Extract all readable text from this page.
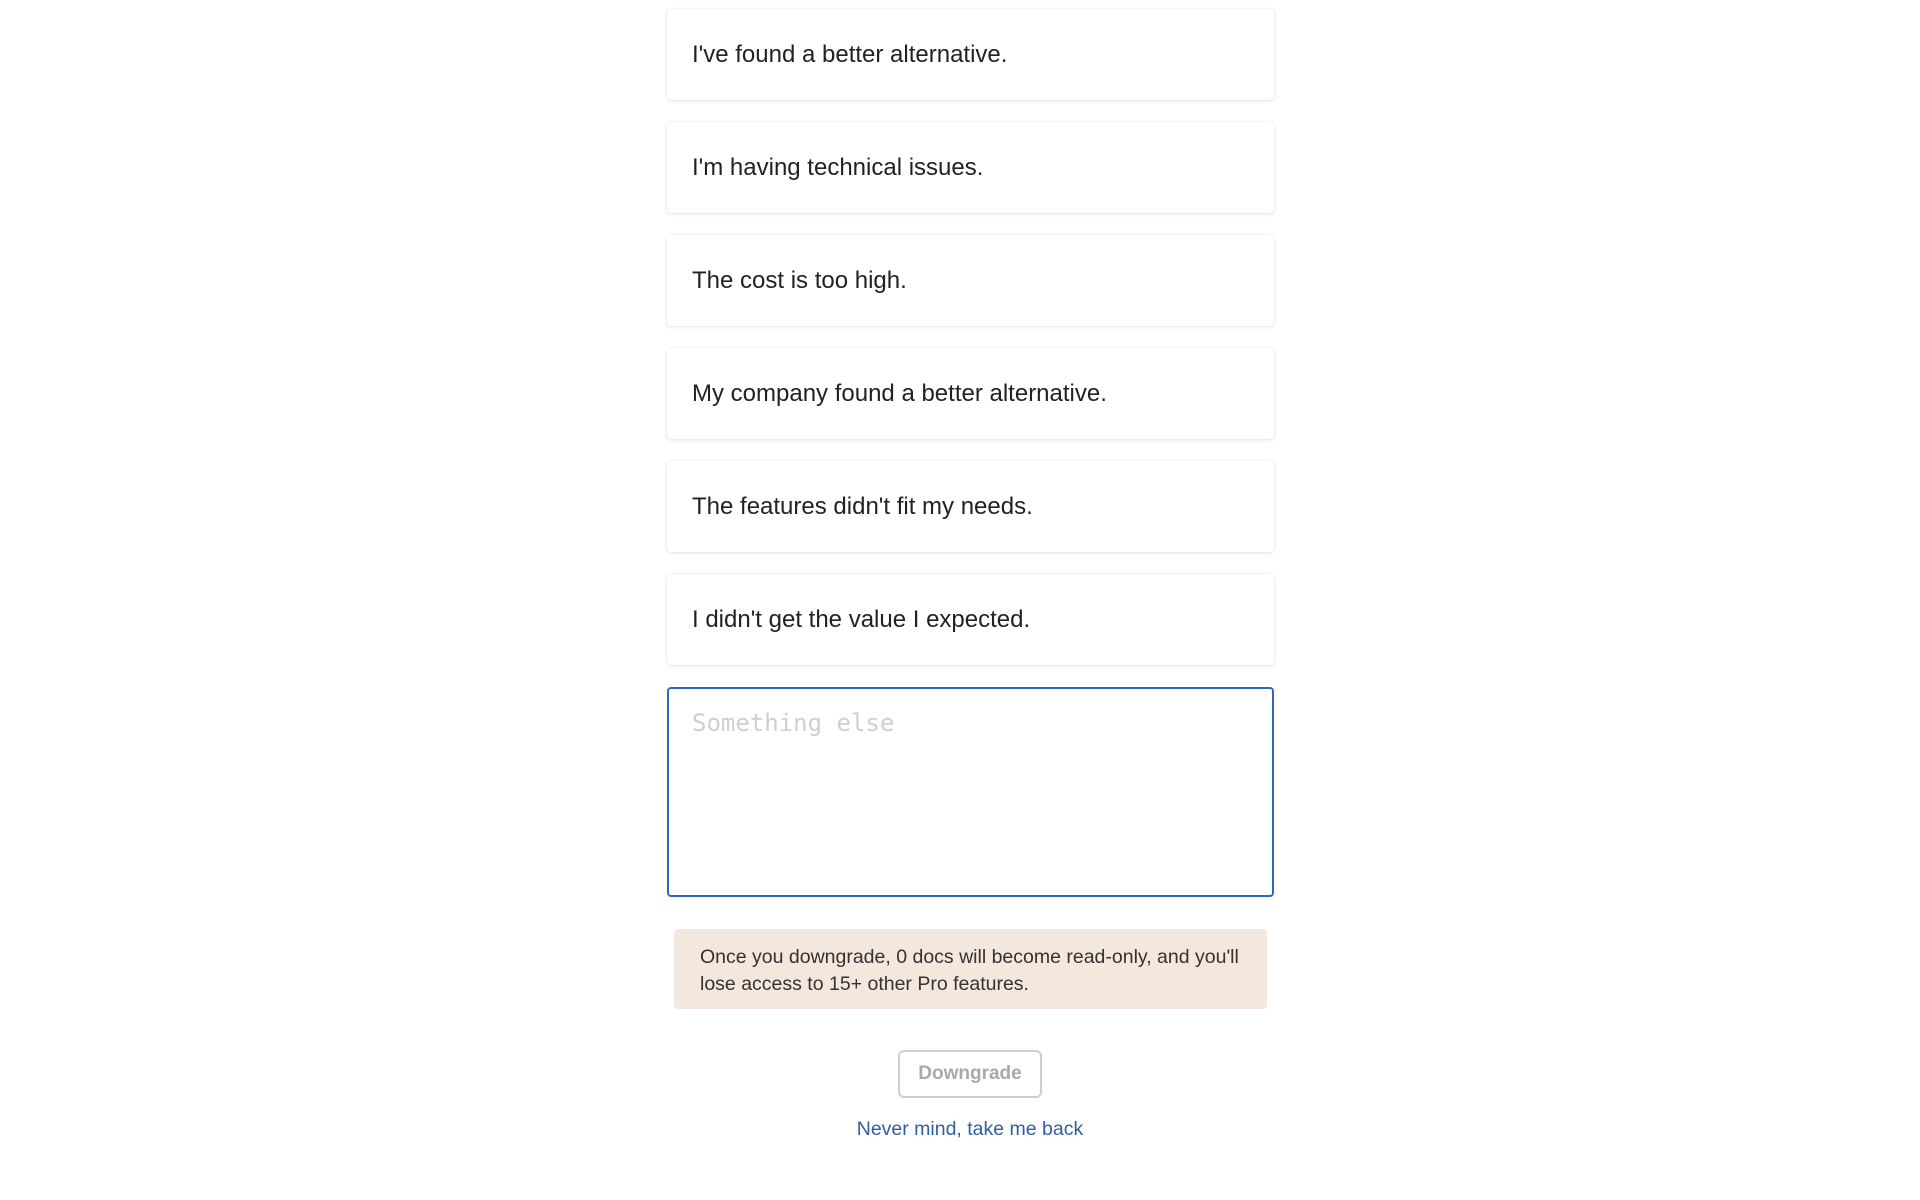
I've found a better alternative.
I'm having technical issues.
The cost is too high.
My company found a better alternative.
The features didn't fit my needs.
I didn't get the value I expected.
Something else
Once you downgrade, 0 docs will become read-only, and you'll lose access to 15+ other Pro features.
Downgrade
Never mind, take me back
